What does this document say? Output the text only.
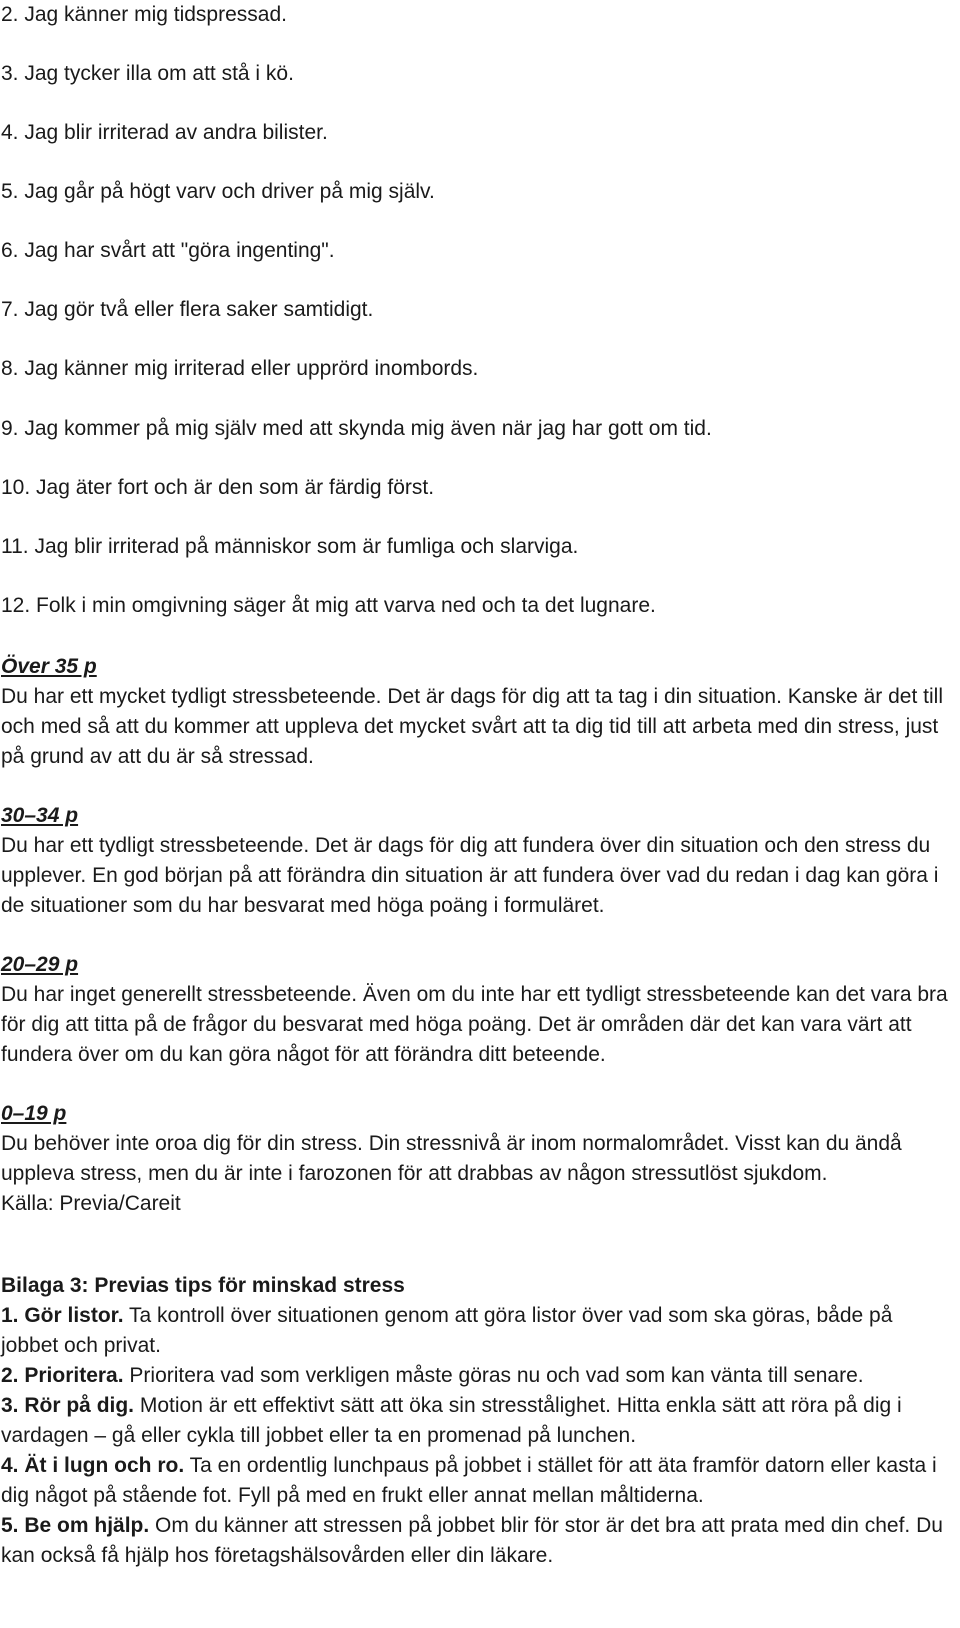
2. Jag känner mig tidspressad.
3. Jag tycker illa om att stå i kö.
4. Jag blir irriterad av andra bilister.
5. Jag går på högt varv och driver på mig själv.
6. Jag har svårt att "göra ingenting".
7. Jag gör två eller flera saker samtidigt.
8. Jag känner mig irriterad eller upprörd inombords.
9. Jag kommer på mig själv med att skynda mig även när jag har gott om tid.
10. Jag äter fort och är den som är färdig först.
11. Jag blir irriterad på människor som är fumliga och slarviga.
12. Folk i min omgivning säger åt mig att varva ned och ta det lugnare.
Över 35 p
Du har ett mycket tydligt stressbeteende. Det är dags för dig att ta tag i din situation. Kanske är det till och med så att du kommer att uppleva det mycket svårt att ta dig tid till att arbeta med din stress, just på grund av att du är så stressad.
30–34 p
Du har ett tydligt stressbeteende. Det är dags för dig att fundera över din situation och den stress du upplever. En god början på att förändra din situation är att fundera över vad du redan i dag kan göra i de situationer som du har besvarat med höga poäng i formuläret.
20–29 p
Du har inget generellt stressbeteende. Även om du inte har ett tydligt stressbeteende kan det vara bra för dig att titta på de frågor du besvarat med höga poäng. Det är områden där det kan vara värt att fundera över om du kan göra något för att förändra ditt beteende.
0–19 p
Du behöver inte oroa dig för din stress. Din stressnivå är inom normalområdet. Visst kan du ändå uppleva stress, men du är inte i farozonen för att drabbas av någon stressutlöst sjukdom.
Källa: Previa/Careit
Bilaga 3: Previas tips för minskad stress
1. Gör listor. Ta kontroll över situationen genom att göra listor över vad som ska göras, både på jobbet och privat.
2. Prioritera. Prioritera vad som verkligen måste göras nu och vad som kan vänta till senare.
3. Rör på dig. Motion är ett effektivt sätt att öka sin stresstålighet. Hitta enkla sätt att röra på dig i vardagen – gå eller cykla till jobbet eller ta en promenad på lunchen.
4. Ät i lugn och ro. Ta en ordentlig lunchpaus på jobbet i stället för att äta framför datorn eller kasta i dig något på stående fot. Fyll på med en frukt eller annat mellan måltiderna.
5. Be om hjälp. Om du känner att stressen på jobbet blir för stor är det bra att prata med din chef. Du kan också få hjälp hos företagshälsovården eller din läkare.
